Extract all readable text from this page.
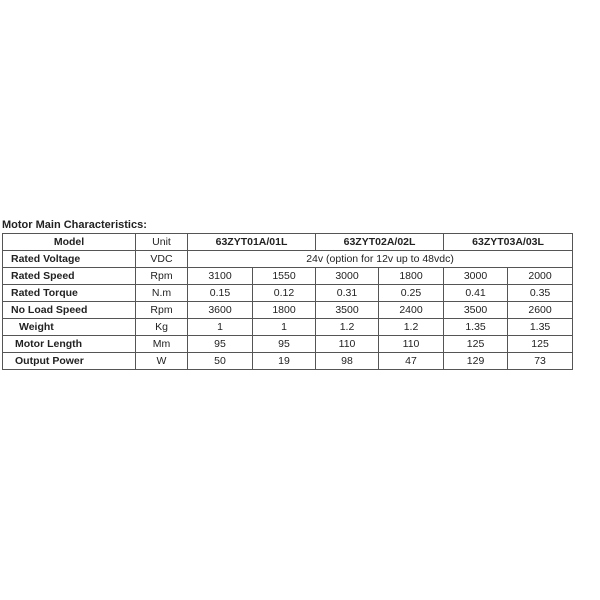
Motor Main Characteristics:
Model	Unit	63ZYT01A/01L		63ZYT02A/02L		63ZYT03A/03L	
Rated Voltage	VDC	24v (option for 12v up to 48vdc)					
Rated Speed	Rpm	3100	1550	3000	1800	3000	2000
Rated Torque	N.m	0.15	0.12	0.31	0.25	0.41	0.35
No Load Speed	Rpm	3600	1800	3500	2400	3500	2600
Weight	Kg	1	1	1.2	1.2	1.35	1.35
Motor Length	Mm	95	95	110	110	125	125
Output Power	W	50	19	98	47	129	73
